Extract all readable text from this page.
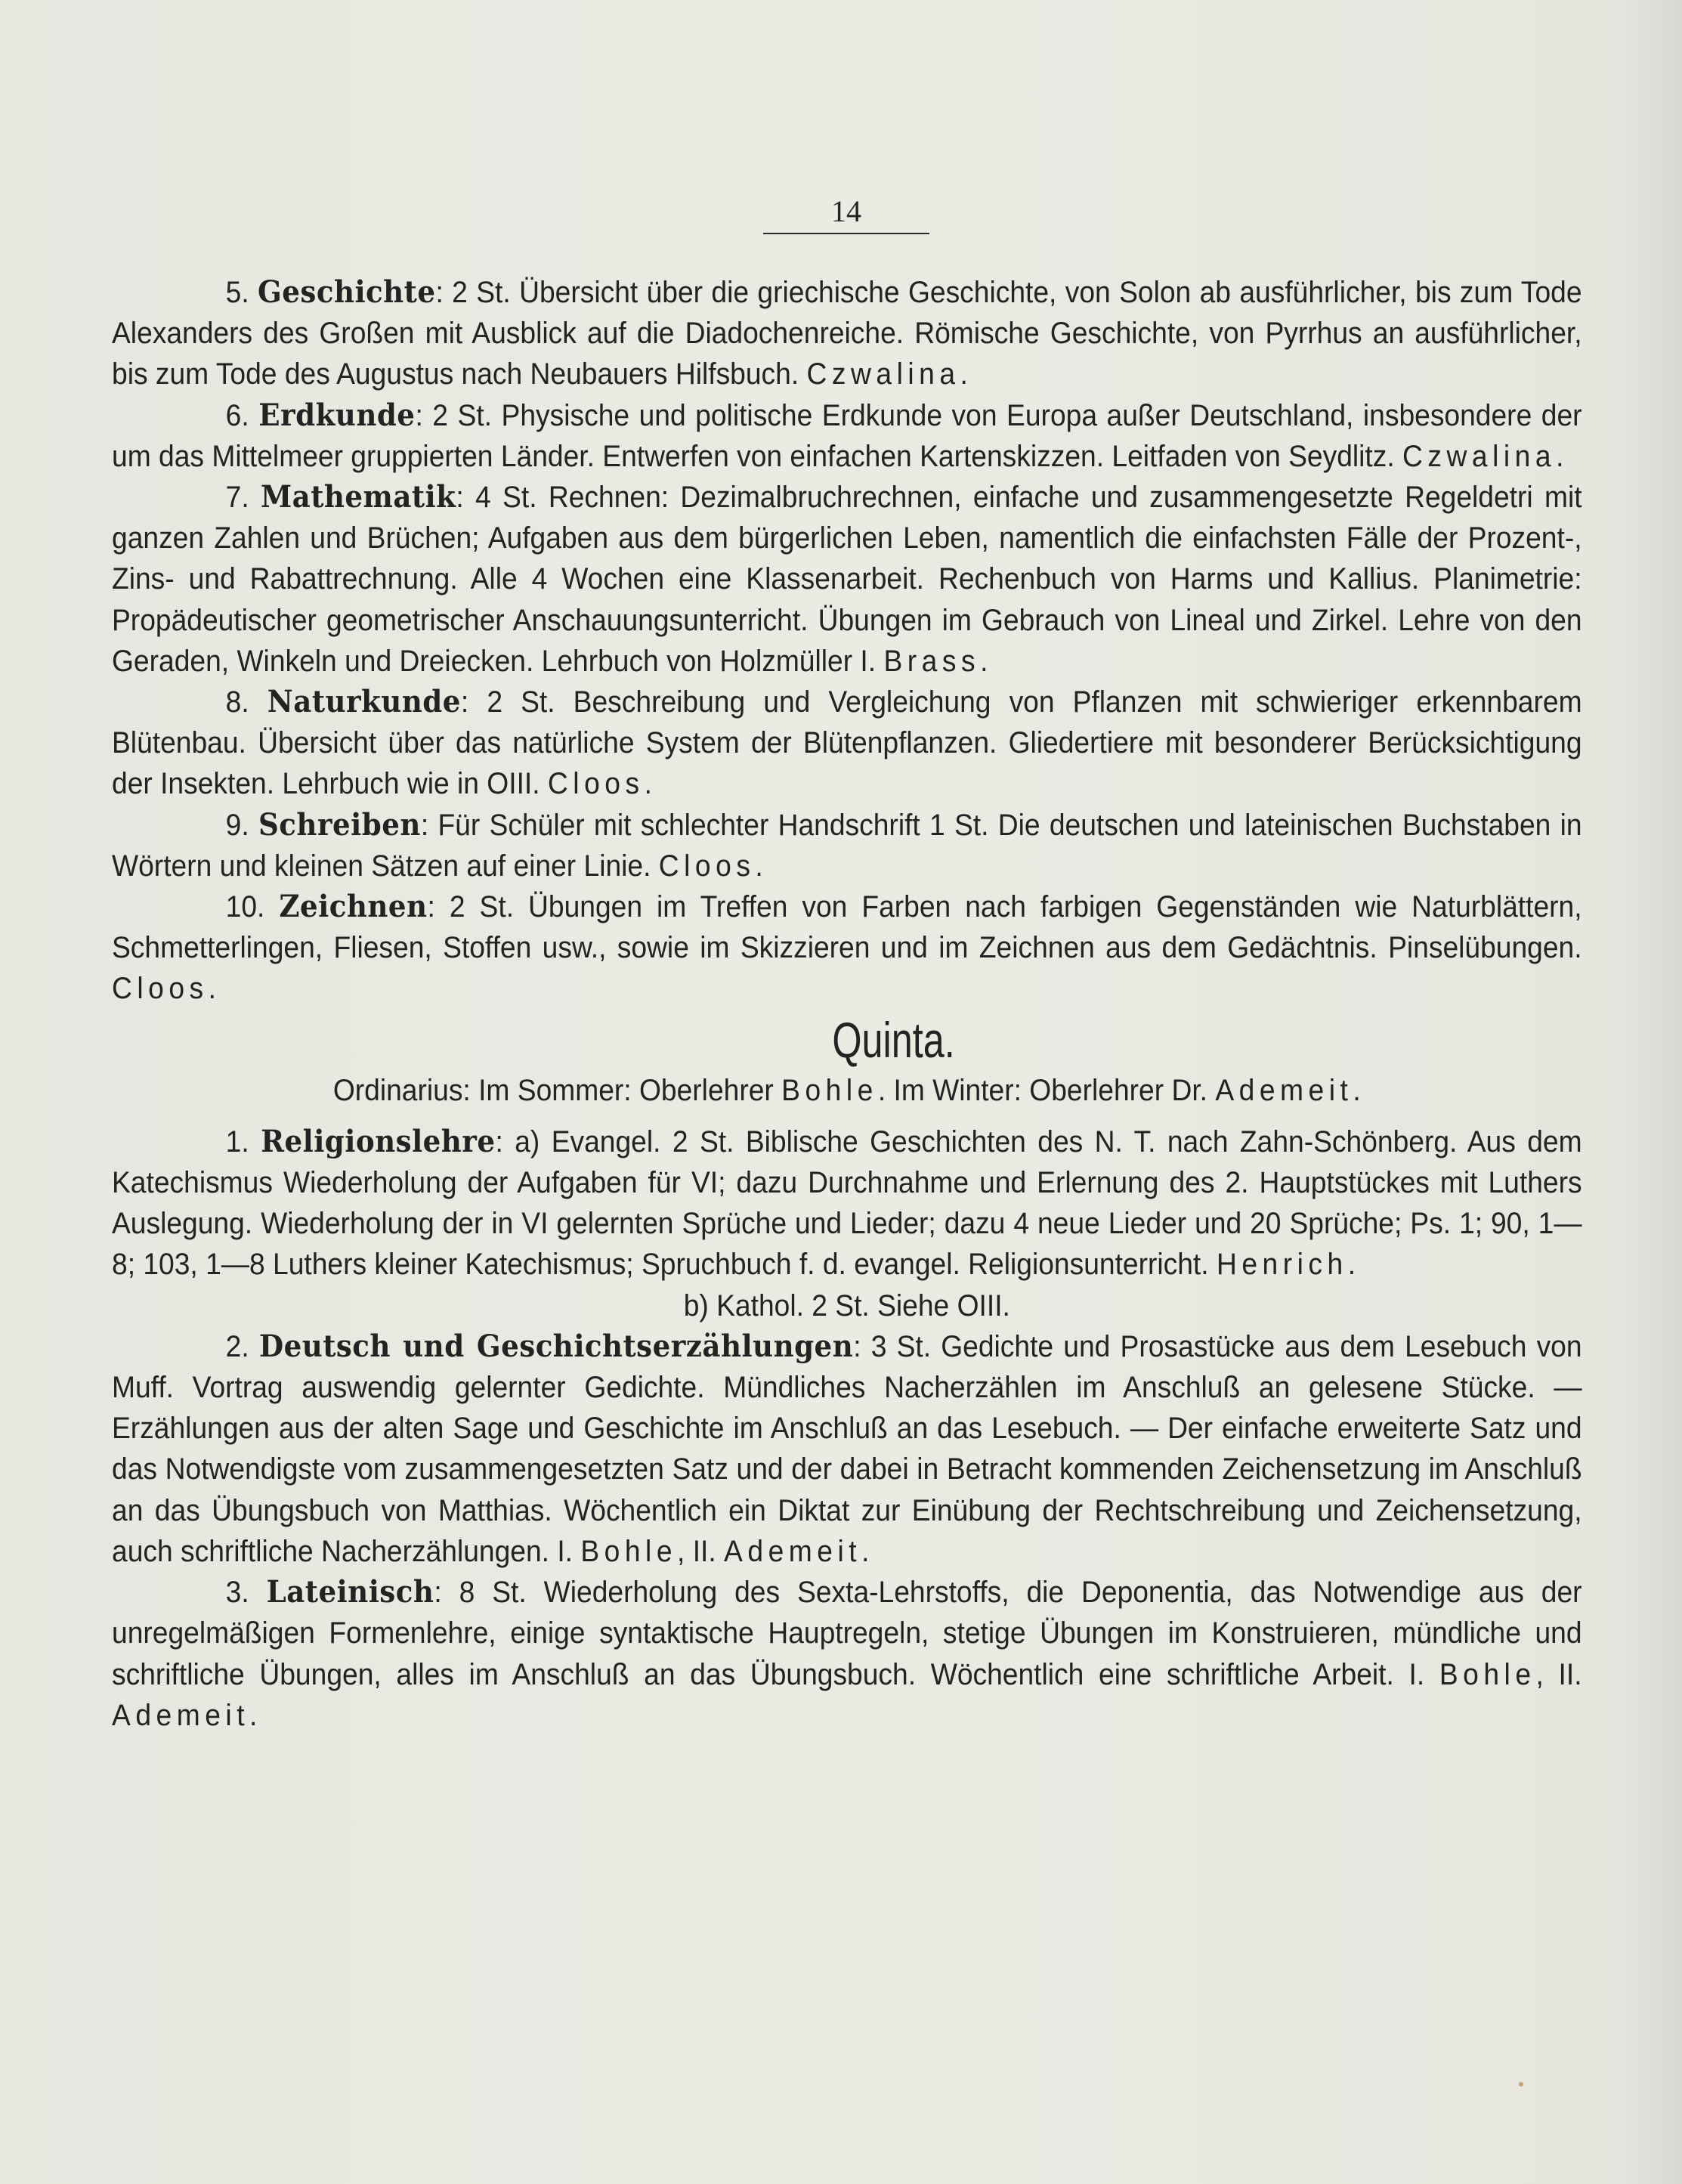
14

5. Geschichte: 2 St. Übersicht über die griechische Geschichte, von Solon ab ausführlicher, bis zum Tode Alexanders des Großen mit Ausblick auf die Diadochenreiche. Römische Geschichte, von Pyrrhus an ausführlicher, bis zum Tode des Augustus nach Neubauers Hilfsbuch. Czwalina.

6. Erdkunde: 2 St. Physische und politische Erdkunde von Europa außer Deutschland, insbesondere der um das Mittelmeer gruppierten Länder. Entwerfen von einfachen Kartenskizzen. Leitfaden von Seydlitz. Czwalina.

7. Mathematik: 4 St. Rechnen: Dezimalbruchrechnen, einfache und zusammengesetzte Regeldetri mit ganzen Zahlen und Brüchen; Aufgaben aus dem bürgerlichen Leben, namentlich die einfachsten Fälle der Prozent-, Zins- und Rabattrechnung. Alle 4 Wochen eine Klassenarbeit. Rechenbuch von Harms und Kallius. Planimetrie: Propädeutischer geometrischer Anschauungsunterricht. Übungen im Gebrauch von Lineal und Zirkel. Lehre von den Geraden, Winkeln und Dreiecken. Lehrbuch von Holzmüller I. Brass.

8. Naturkunde: 2 St. Beschreibung und Vergleichung von Pflanzen mit schwieriger erkennbarem Blütenbau. Übersicht über das natürliche System der Blütenpflanzen. Gliedertiere mit besonderer Berücksichtigung der Insekten. Lehrbuch wie in OIII. Cloos.

9. Schreiben: Für Schüler mit schlechter Handschrift 1 St. Die deutschen und lateinischen Buchstaben in Wörtern und kleinen Sätzen auf einer Linie. Cloos.

10. Zeichnen: 2 St. Übungen im Treffen von Farben nach farbigen Gegenständen wie Naturblättern, Schmetterlingen, Fliesen, Stoffen usw., sowie im Skizzieren und im Zeichnen aus dem Gedächtnis. Pinselübungen. Cloos.

Quinta.

Ordinarius: Im Sommer: Oberlehrer Bohle. Im Winter: Oberlehrer Dr. Ademeit.

1. Religionslehre: a) Evangel. 2 St. Biblische Geschichten des N. T. nach Zahn-Schönberg. Aus dem Katechismus Wiederholung der Aufgaben für VI; dazu Durchnahme und Erlernung des 2. Hauptstückes mit Luthers Auslegung. Wiederholung der in VI gelernten Sprüche und Lieder; dazu 4 neue Lieder und 20 Sprüche; Ps. 1; 90, 1—8; 103, 1—8 Luthers kleiner Katechismus; Spruchbuch f. d. evangel. Religionsunterricht. Henrich.

b) Kathol. 2 St. Siehe OIII.

2. Deutsch und Geschichtserzählungen: 3 St. Gedichte und Prosastücke aus dem Lesebuch von Muff. Vortrag auswendig gelernter Gedichte. Mündliches Nacherzählen im Anschluß an gelesene Stücke. — Erzählungen aus der alten Sage und Geschichte im Anschluß an das Lesebuch. — Der einfache erweiterte Satz und das Notwendigste vom zusammengesetzten Satz und der dabei in Betracht kommenden Zeichensetzung im Anschluß an das Übungsbuch von Matthias. Wöchentlich ein Diktat zur Einübung der Rechtschreibung und Zeichensetzung, auch schriftliche Nacherzählungen. I. Bohle, II. Ademeit.

3. Lateinisch: 8 St. Wiederholung des Sexta-Lehrstoffs, die Deponentia, das Notwendige aus der unregelmäßigen Formenlehre, einige syntaktische Hauptregeln, stetige Übungen im Konstruieren, mündliche und schriftliche Übungen, alles im Anschluß an das Übungsbuch. Wöchentlich eine schriftliche Arbeit. I. Bohle, II. Ademeit.
